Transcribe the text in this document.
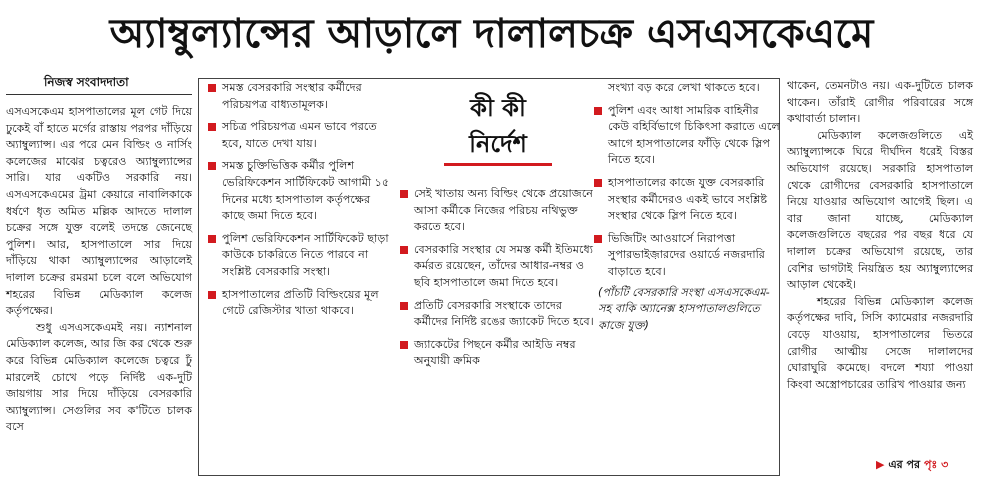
অ্যাম্বুল্যান্সের আড়ালে দালালচক্র এসএসকেএমে
নিজস্ব সংবাদদাতা

এসএসকেএম হাসপাতালের মূল গেট দিয়ে ঢুকেই বাঁ হাতে মর্গের রাস্তায় পরপর দাঁড়িয়ে অ্যাম্বুল্যান্স। এর পরে মেন বিল্ডিং ও নার্সিং কলেজের মাঝের চত্বরেও অ্যাম্বুল্যান্সের সারি। যার একটিও সরকারি নয়। এসএসকেএমের ট্রমা কেয়ারে নাবালিকাকে ধর্ষণে ধৃত অমিত মল্লিক আদতে দালাল চক্রের সঙ্গে যুক্ত বলেই তদন্তে জেনেছে পুলিশ। আর, হাসপাতালে সার দিয়ে দাঁড়িয়ে থাকা অ্যাম্বুল্যান্সের আড়ালেই দালাল চক্রের রমরমা চলে বলে অভিযোগ শহরের বিভিন্ন মেডিক্যাল কলেজ কর্তৃপক্ষের।

শুধু এসএসকেএমই নয়। ন্যাশনাল মেডিক্যাল কলেজ, আর জি কর থেকে শুরু করে বিভিন্ন মেডিক্যাল কলেজে চত্বরে ঢুঁ মারলেই চোখে পড়ে নির্দিষ্ট এক-দুটি জায়গায় সার দিয়ে দাঁড়িয়ে বেসরকারি অ্যাম্বুল্যান্স। সেগুলির সব ক'টিতে চালক বসে

সমস্ত বেসরকারি সংস্থার কর্মীদের পরিচয়পত্র বাধ্যতামূলক।
সচিত্র পরিচয়পত্র এমন ভাবে পরতে হবে, যাতে দেখা যায়।
সমস্ত চুক্তিভিত্তিক কর্মীর পুলিশ ভেরিফিকেশন সার্টিফিকেট আগামী ১৫ দিনের মধ্যে হাসপাতাল কর্তৃপক্ষের কাছে জমা দিতে হবে।
পুলিশ ভেরিফিকেশন সার্টিফিকেট ছাড়া কাউকে চাকরিতে নিতে পারবে না সংশ্লিষ্ট বেসরকারি সংস্থা।
হাসপাতালের প্রতিটি বিল্ডিংয়ের মূল গেটে রেজিস্টার খাতা থাকবে।
কী কী
নির্দেশ
সেই খাতায় অন্য বিল্ডিং থেকে প্রয়োজনে আসা কর্মীকে নিজের পরিচয় নথিভুক্ত করতে হবে।
বেসরকারি সংস্থার যে সমস্ত কর্মী ইতিমধ্যে কর্মরত রয়েছেন, তাঁদের আধার-নম্বর ও ছবি হাসপাতালে জমা দিতে হবে।
প্রতিটি বেসরকারি সংস্থাকে তাদের কর্মীদের নির্দিষ্ট রঙের জ্যাকেট দিতে হবে।
জ্যাকেটের পিছনে কর্মীর আইডি নম্বর অনুযায়ী ক্রমিক
সংখ্যা বড় করে লেখা থাকতে হবে।
পুলিশ এবং আধা সামরিক বাহিনীর কেউ বহির্বিভাগে চিকিৎসা করাতে এলে আগে হাসপাতালের ফাঁড়ি থেকে স্লিপ নিতে হবে।
হাসপাতালের কাজে যুক্ত বেসরকারি সংস্থার কর্মীদেরও একই ভাবে সংশ্লিষ্ট সংস্থার থেকে স্লিপ নিতে হবে।
ভিজিটিং আওয়ার্সে নিরাপত্তা সুপারভাইজ়ারদের ওয়ার্ডে নজরদারি বাড়াতে হবে।
(পাঁচটি বেসরকারি সংস্থা এসএসকেএম-সহ বাকি অ্যানেক্স হাসপাতালগুলিতে কাজে যুক্ত)

থাকেন, তেমনটাও নয়। এক-দুটিতে চালক থাকেন। তাঁরাই রোগীর পরিবারের সঙ্গে কথাবার্তা চালান।

মেডিক্যাল কলেজগুলিতে এই অ্যাম্বুল্যান্সকে ঘিরে দীর্ঘদিন ধরেই বিস্তর অভিযোগ রয়েছে। সরকারি হাসপাতাল থেকে রোগীদের বেসরকারি হাসপাতালে নিয়ে যাওয়ার অভিযোগ আগেই ছিল। এ বার জানা যাচ্ছে, মেডিক্যাল কলেজগুলিতে বছরের পর বছর ধরে যে দালাল চক্রের অভিযোগ রয়েছে, তার বেশির ভাগটাই নিয়ন্ত্রিত হয় অ্যাম্বুল্যান্সের আড়াল থেকেই।

শহরের বিভিন্ন মেডিক্যাল কলেজ কর্তৃপক্ষের দাবি, সিসি ক্যামেরার নজরদারি বেড়ে যাওয়ায়, হাসপাতালের ভিতরে রোগীর আত্মীয় সেজে দালালদের ঘোরাঘুরি কমেছে। বদলে শয্যা পাওয়া কিংবা অস্ত্রোপচারের তারিখ পাওয়ার জন্য

▶ এর পর পৃঃ ৩
